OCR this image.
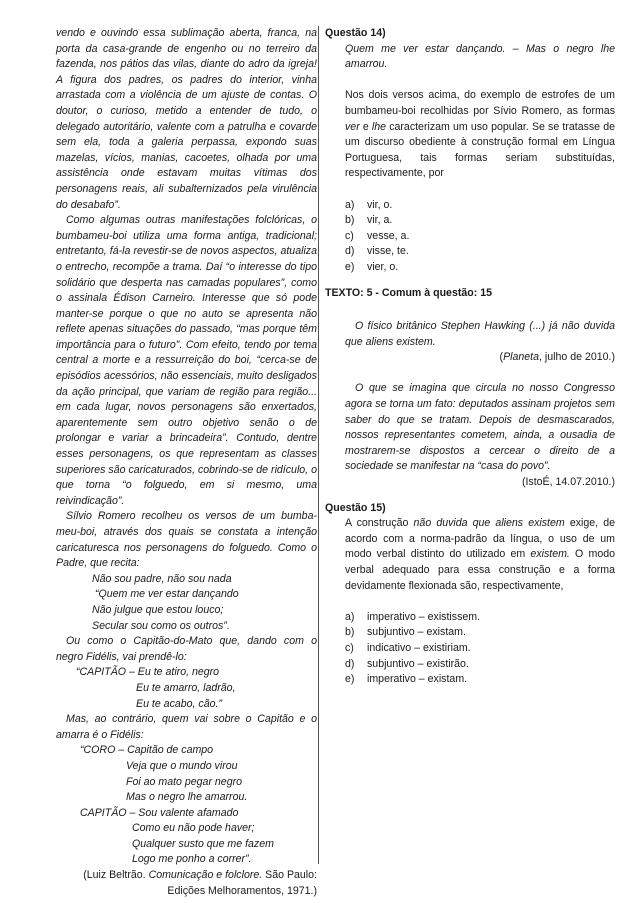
vendo e ouvindo essa sublimação aberta, franca, na porta da casa-grande de engenho ou no terreiro da fazenda, nos pátios das vilas, diante do adro da igreja! A figura dos padres, os padres do interior, vinha arrastada com a violência de um ajuste de contas. O doutor, o curioso, metido a entender de tudo, o delegado autoritário, valente com a patrulha e covarde sem ela, toda a galeria perpassa, expondo suas mazelas, vícios, manias, cacoetes, olhada por uma assistência onde estavam muitas vítimas dos personagens reais, ali subalternizados pela virulência do desabafo”.

Como algumas outras manifestações folclóricas, o bumbameu-boi utiliza uma forma antiga, tradicional; entretanto, fá-la revestir-se de novos aspectos, atualiza o entrecho, recompõe a trama. Daí “o interesse do tipo solidário que desperta nas camadas populares”, como o assinala Édison Carneiro. Interesse que só pode manter-se porque o que no auto se apresenta não reflete apenas situações do passado, “mas porque têm importância para o futuro”. Com efeito, tendo por tema central a morte e a ressurreição do boi, “cerca-se de episódios acessórios, não essenciais, muito desligados da ação principal, que variam de região para região... em cada lugar, novos personagens são enxertados, aparentemente sem outro objetivo senão o de prolongar e variar a brincadeira”. Contudo, dentre esses personagens, os que representam as classes superiores são caricaturados, cobrindo-se de ridículo, o que torna “o folguedo, em si mesmo, uma reivindicação”.

Sílvio Romero recolheu os versos de um bumba-meu-boi, através dos quais se constata a intenção caricaturesca nos personagens do folguedo. Como o Padre, que recita:

Não sou padre, não sou nada
“Quem me ver estar dançando
Não julgue que estou louco;
Secular sou como os outros”.

Ou como o Capitão-do-Mato que, dando com o negro Fidélis, vai prendê-lo:

“CAPITÃO – Eu te atiro, negro
Eu te amarro, ladrão,
Eu te acabo, cão.”

Mas, ao contrário, quem vai sobre o Capitão e o amarra é o Fidélis:

“CORO – Capitão de campo
Veja que o mundo virou
Foi ao mato pegar negro
Mas o negro lhe amarrou.
CAPITÃO – Sou valente afamado
Como eu não pode haver;
Qualquer susto que me fazem
Logo me ponho a correr”.
(Luiz Beltrão. Comunicação e folclore. São Paulo:
Edições Melhoramentos, 1971.)
Questão 14)

Quem me ver estar dançando. – Mas o negro lhe amarrou.

Nos dois versos acima, do exemplo de estrofes de um bumbameu-boi recolhidas por Sívio Romero, as formas ver e lhe caracterizam um uso popular. Se se tratasse de um discurso obediente à construção formal em Língua Portuguesa, tais formas seriam substituídas, respectivamente, por

a)	vir, o.
b)	vir, a.
c)	vesse, a.
d)	visse, te.
e)	vier, o.
TEXTO: 5 - Comum à questão: 15

O físico britânico Stephen Hawking (...) já não duvida que aliens existem.

(Planeta, julho de 2010.)

O que se imagina que circula no nosso Congresso agora se torna um fato: deputados assinam projetos sem saber do que se tratam. Depois de desmascarados, nossos representantes cometem, ainda, a ousadia de mostrarem-se dispostos a cercear o direito de a sociedade se manifestar na “casa do povo”.

(IstoÉ, 14.07.2010.)
Questão 15)

A construção não duvida que aliens existem exige, de acordo com a norma-padrão da língua, o uso de um modo verbal distinto do utilizado em existem. O modo verbal adequado para essa construção e a forma devidamente flexionada são, respectivamente,

a)	imperativo – existissem.
b)	subjuntivo – existam.
c)	indicativo – existiriam.
d)	subjuntivo – existirão.
e)	imperativo – existam.
